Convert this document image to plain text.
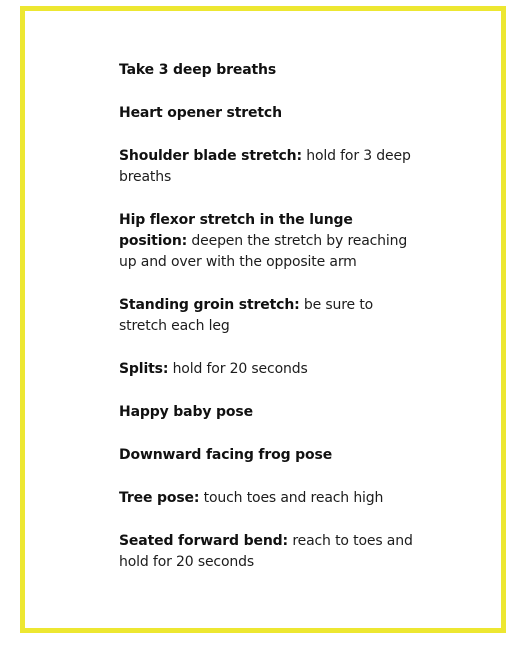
Take 3 deep breaths
Heart opener stretch
Shoulder blade stretch: hold for 3 deep breaths
Hip flexor stretch in the lunge position: deepen the stretch by reaching up and over with the opposite arm
Standing groin stretch: be sure to stretch each leg
Splits: hold for 20 seconds
Happy baby pose
Downward facing frog pose
Tree pose: touch toes and reach high
Seated forward bend: reach to toes and hold for 20 seconds
